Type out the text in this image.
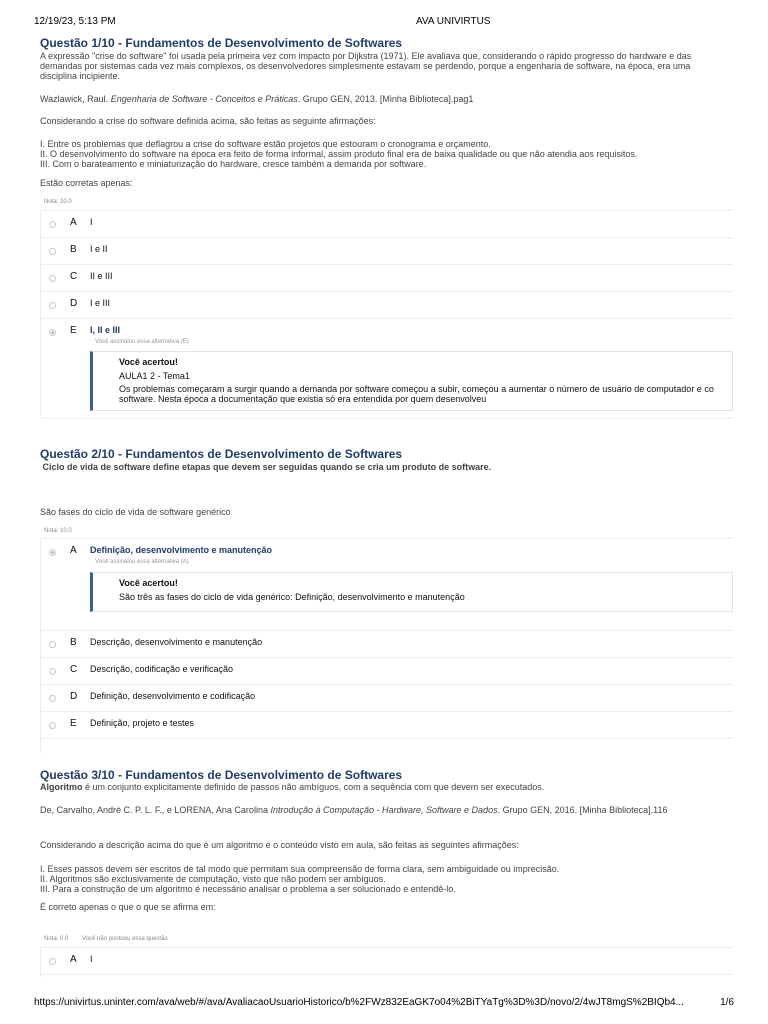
12/19/23, 5:13 PM	AVA UNIVIRTUS
Questão 1/10 - Fundamentos de Desenvolvimento de Softwares

A expressão "crise do software" foi usada pela primeira vez com impacto por Dijkstra (1971). Ele avaliava que, considerando o rápido progresso do hardware e das

demandas por sistemas cada vez mais complexos, os desenvolvedores simplesmente estavam se perdendo, porque a engenharia de software, na época, era uma

disciplina incipiente.

Wazlawick, Raul. Engenharia de Software - Conceitos e Práticas. Grupo GEN, 2013. [Minha Biblioteca].pag1
Considerando a crise do software definida acima, são feitas as seguinte afirmações:

I. Entre os problemas que deflagrou a crise do software estão projetos que estouram o cronograma e orçamento.

II. O desenvolvimento do software na época era feito de forma informal, assim produto final era de baixa qualidade ou que não atendia aos requisitos.

III. Com o barateamento e miniaturização do hardware, cresce também a demanda por software.

Estão corretas apenas:
Nota: 10.0
A I
B I e II
C II e III
D I e III
E I, II e III
Você assinalou essa alternativa (E)
Você acertou!
AULA1 2 - Tema1
Os problemas começaram a surgir quando a demanda por software começou a subir, começou a aumentar o número de usuário de computador e co
software. Nesta época a documentação que existia só era entendida por quem desenvolveu
Questão 2/10 - Fundamentos de Desenvolvimento de Softwares
Ciclo de vida de software define etapas que devem ser seguidas quando se cria um produto de software.
São fases do ciclo de vida de software genérico
Nota: 10.0
A Definição, desenvolvimento e manutenção
Você assinalou essa alternativa (A)
Você acertou!
São três as fases do ciclo de vida genérico: Definição, desenvolvimento e manutenção
B Descrição, desenvolvimento e manutenção
C Descrição, codificação e verificação
D Definição, desenvolvimento e codificação
E Definição, projeto e testes
Questão 3/10 - Fundamentos de Desenvolvimento de Softwares
Algoritmo é um conjunto explicitamente definido de passos não ambíguos, com a sequência com que devem ser executados.
De, Carvalho, André C. P. L. F., e LORENA, Ana Carolina Introdução à Computação - Hardware, Software e Dados. Grupo GEN, 2016. [Minha Biblioteca].116
Considerando a descrição acima do que é um algoritmo e o conteúdo visto em aula, são feitas as seguintes afirmações:

I. Esses passos devem ser escritos de tal modo que permitam sua compreensão de forma clara, sem ambiguidade ou imprecisão.

II. Algoritmos são exclusivamente de computação, visto que não podem ser ambíguos.

III. Para a construção de um algoritmo é necessário analisar o problema a ser solucionado e entendê-lo.

É correto apenas o que o que se afirma em:
Nota: 0.0 Você não pontuou essa questão
A I
https://univirtus.uninter.com/ava/web/#/ava/AvaliacaoUsuarioHistorico/b%2FWz832EaGK7o04%2BiTYaTg%3D%3D/novo/2/4wJT8mgS%2BIQb4...	1/6
